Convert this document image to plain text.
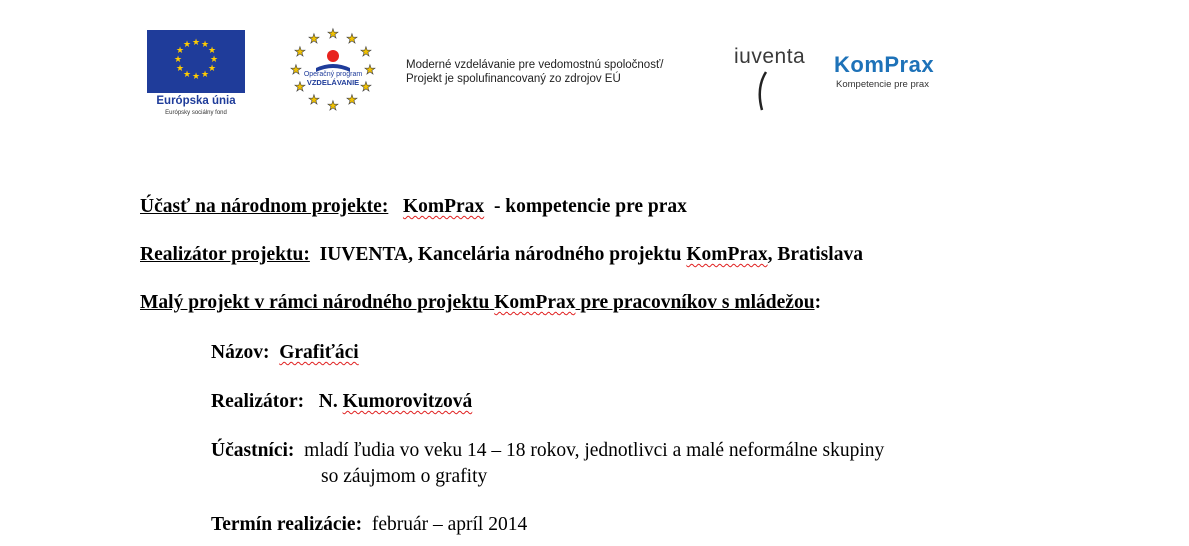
★ ★
★
★
★
★
★
★
★
★
★
★
Európska únia
Európsky sociálny fond
★ ★
★
★
★
★
★
★
★
★
★
★
Operačný program
VZDELÁVANIE
Moderné vzdelávanie pre vedomostnú spoločnosť/
Projekt je spolufinancovaný zo zdrojov EÚ
iuventa KomPrax
Kompetencie pre prax
Účasť na národnom projekte: KomPrax - kompetencie pre prax
Realizátor projektu: IUVENTA, Kancelária národného projektu KomPrax, Bratislava
Malý projekt v rámci národného projektu KomPrax pre pracovníkov s mládežou:
Názov: Grafiťáci
Realizátor: N. Kumorovitzová
Účastníci: mladí ľudia vo veku 14 – 18 rokov, jednotlivci a malé neformálne skupiny
so záujmom o grafity
Termín realizácie: február – apríl 2014
